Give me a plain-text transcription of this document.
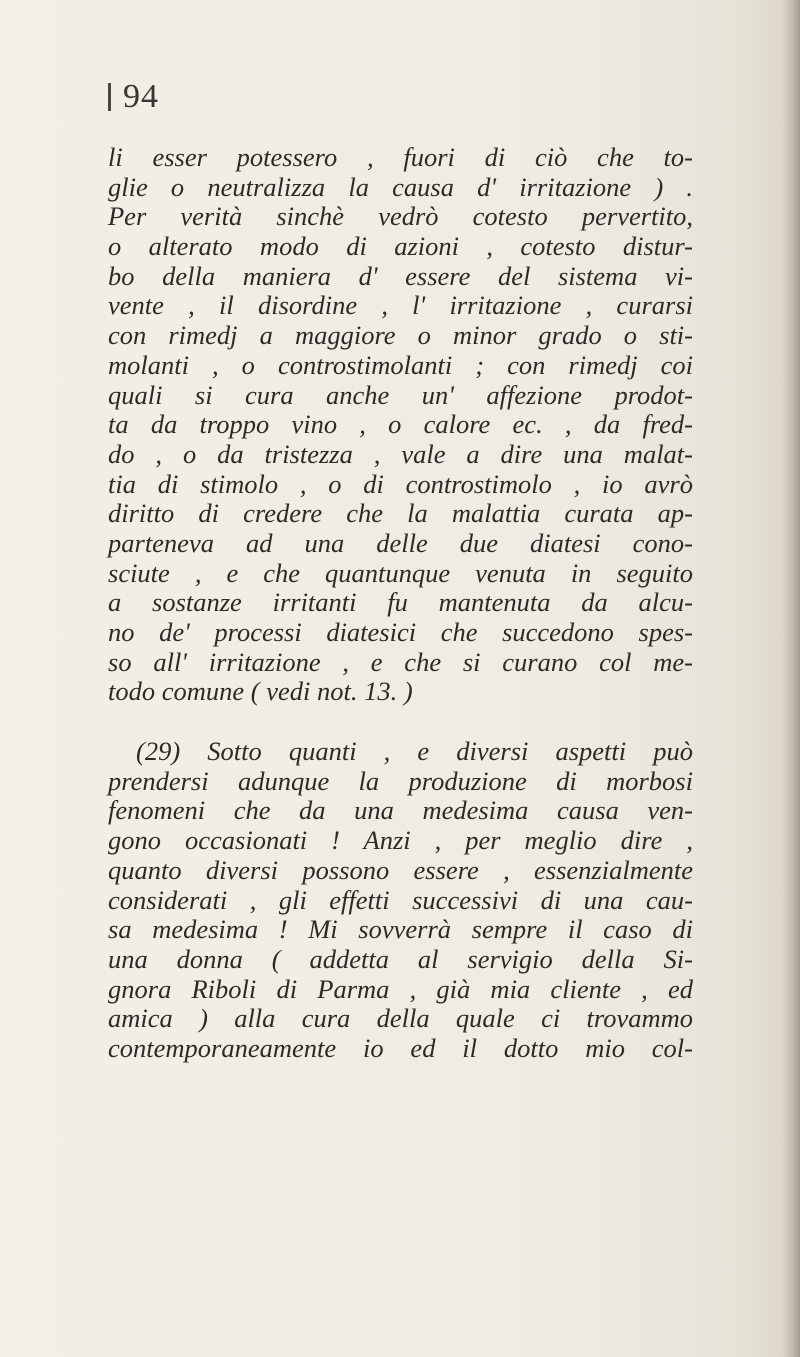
94
li esser potessero , fuori di ciò che to-
glie o neutralizza la causa d' irritazione ) .
Per verità sinchè vedrò cotesto pervertito,
o alterato modo di azioni , cotesto distur-
bo della maniera d' essere del sistema vi-
vente , il disordine , l' irritazione , curarsi
con rimedj a maggiore o minor grado o sti-
molanti , o controstimolanti ; con rimedj coi
quali si cura anche un' affezione prodot-
ta da troppo vino , o calore ec. , da fred-
do , o da tristezza , vale a dire una malat-
tia di stimolo , o di controstimolo , io avrò
diritto di credere che la malattia curata ap-
parteneva ad una delle due diatesi cono-
sciute , e che quantunque venuta in seguito
a sostanze irritanti fu mantenuta da alcu-
no de' processi diatesici che succedono spes-
so all' irritazione , e che si curano col me-
todo comune ( vedi not. 13. )
(29) Sotto quanti , e diversi aspetti può
prendersi adunque la produzione di morbosi
fenomeni che da una medesima causa ven-
gono occasionati ! Anzi , per meglio dire ,
quanto diversi possono essere , essenzialmente
considerati , gli effetti successivi di una cau-
sa medesima ! Mi sovverrà sempre il caso di
una donna ( addetta al servigio della Si-
gnora Riboli di Parma , già mia cliente , ed
amica ) alla cura della quale ci trovammo
contemporaneamente io ed il dotto mio col-
